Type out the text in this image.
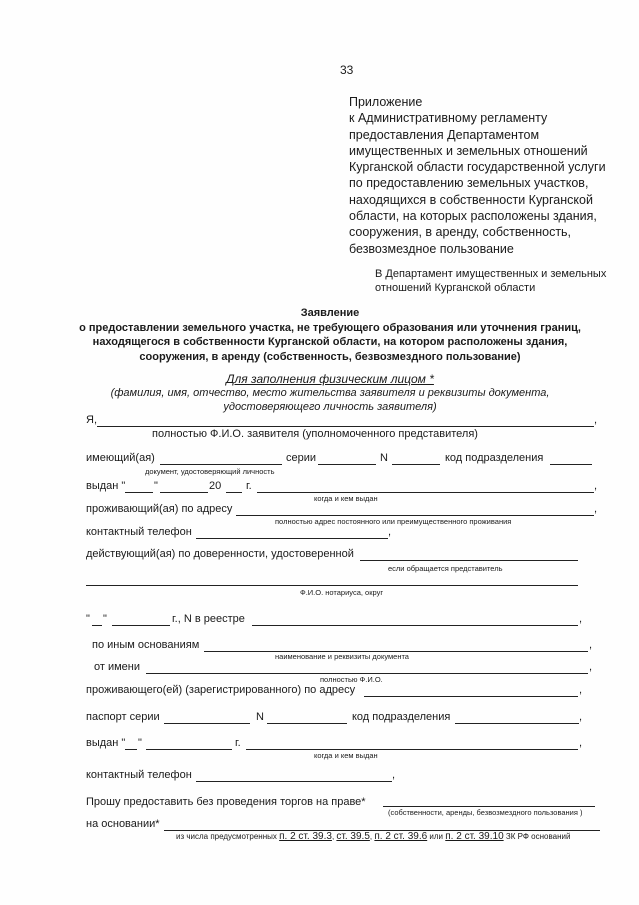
33
Приложение
к Административному регламенту
предоставления Департаментом
имущественных и земельных отношений
Курганской области государственной услуги
по предоставлению земельных участков,
находящихся в собственности Курганской
области, на которых расположены здания,
сооружения, в аренду, собственность,
безвозмездное пользование
В Департамент имущественных и земельных
отношений Курганской области
Заявление
о предоставлении земельного участка, не требующего образования или уточнения границ,
находящегося в собственности Курганской области, на котором расположены здания,
сооружения, в аренду (собственность, безвозмездного пользование)
Для заполнения физическим лицом *
(фамилия, имя, отчество, место жительства заявителя и реквизиты документа,
удостоверяющего личность заявителя)
Я,	,
полностью Ф.И.О. заявителя (уполномоченного представителя)
имеющий(ая)	серии	N	код подразделения
документ, удостоверяющий личность
выдан "	"	20 г.	,
когда и кем выдан
проживающий(ая) по адресу	,
полностью адрес постоянного или преимущественного проживания
контактный телефон	,
действующий(ая) по доверенности, удостоверенной
если обращается представитель
Ф.И.О. нотариуса, округ
" "	г., N в реестре	,
по иным основаниям	,
наименование и реквизиты документа
от имени	,
полностью Ф.И.О.
проживающего(ей) (зарегистрированного) по адресу	,
паспорт серии	N	код подразделения	,
выдан " "	г.	,
когда и кем выдан
контактный телефон	,
Прошу предоставить без проведения торгов на праве*
(собственности, аренды, безвозмездного пользования )
на основании*
из числа предусмотренных п. 2 ст. 39.3, ст. 39.5, п. 2 ст. 39.6 или п. 2 ст. 39.10 ЗК РФ оснований
